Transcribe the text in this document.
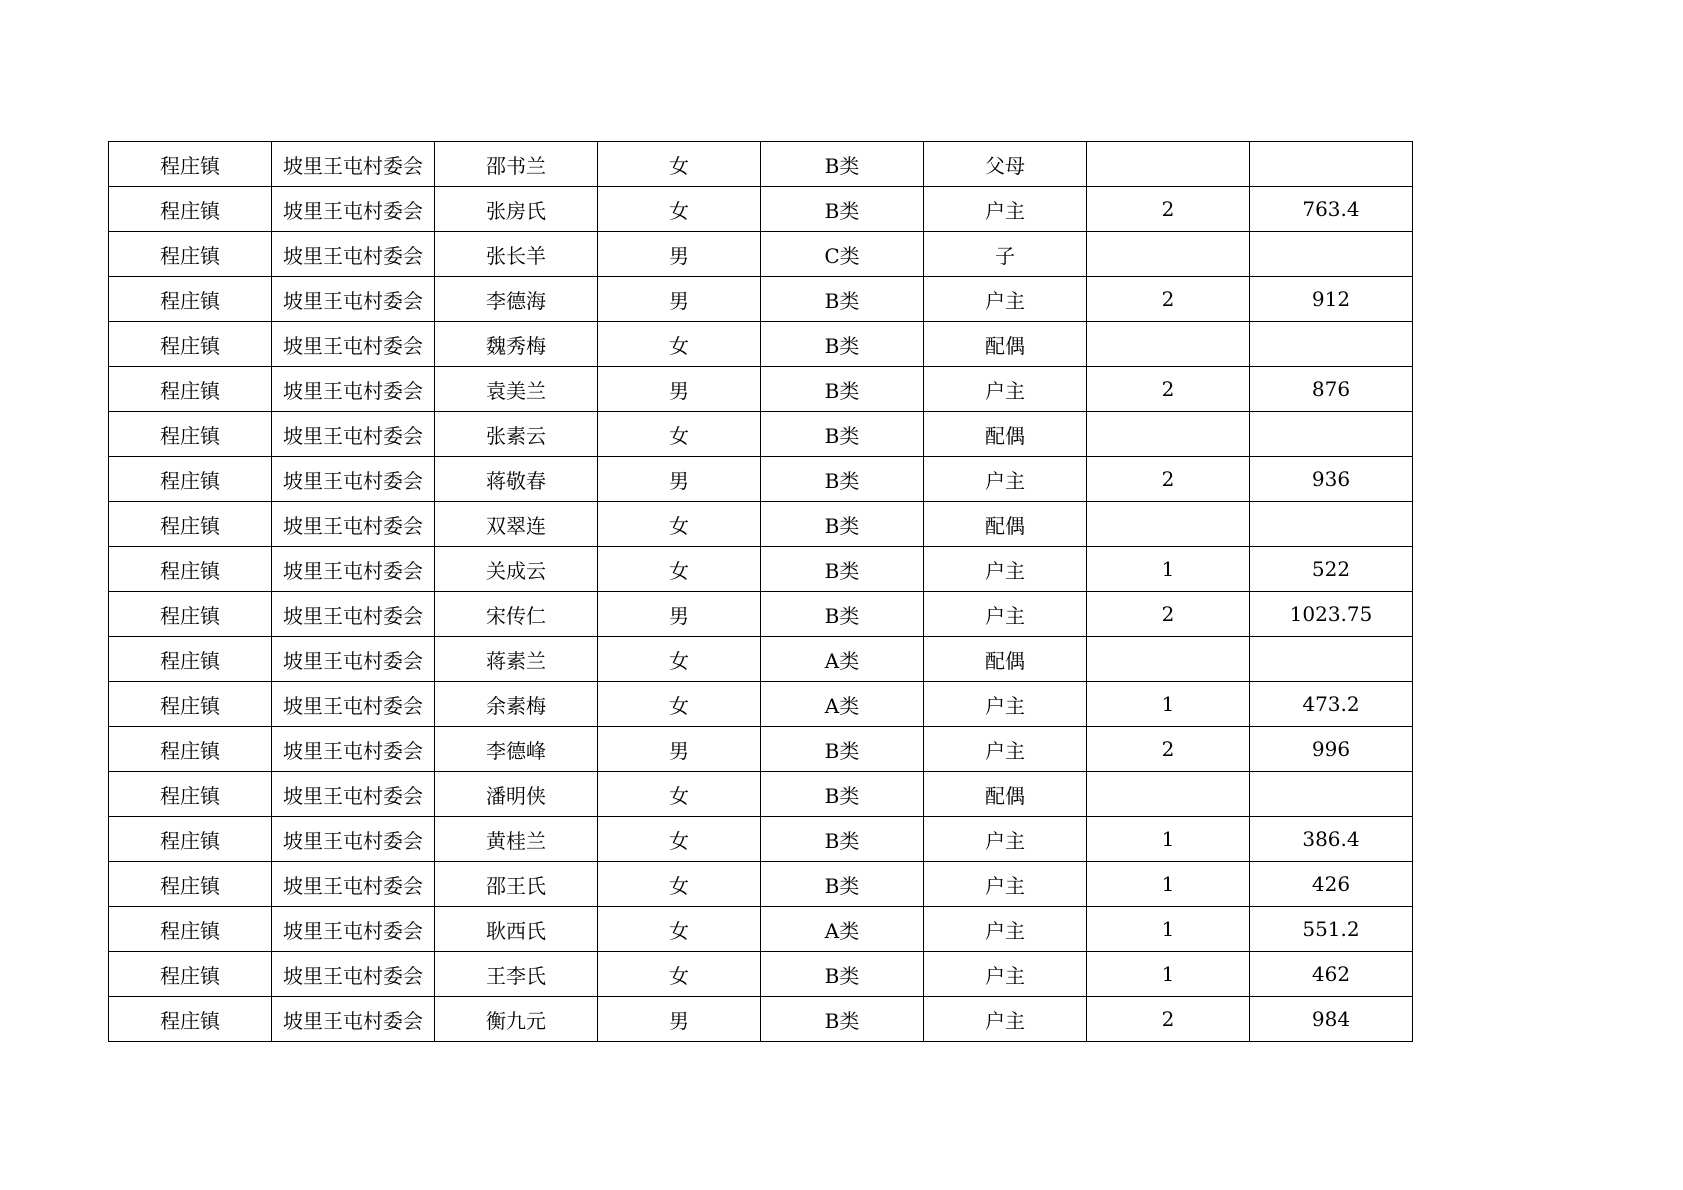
程庄镇	坡里王屯村委会	邵书兰	女	B类	父母		
程庄镇	坡里王屯村委会	张房氏	女	B类	户主	2	763.4
程庄镇	坡里王屯村委会	张长羊	男	C类	子		
程庄镇	坡里王屯村委会	李德海	男	B类	户主	2	912
程庄镇	坡里王屯村委会	魏秀梅	女	B类	配偶		
程庄镇	坡里王屯村委会	袁美兰	男	B类	户主	2	876
程庄镇	坡里王屯村委会	张素云	女	B类	配偶		
程庄镇	坡里王屯村委会	蒋敬春	男	B类	户主	2	936
程庄镇	坡里王屯村委会	双翠连	女	B类	配偶		
程庄镇	坡里王屯村委会	关成云	女	B类	户主	1	522
程庄镇	坡里王屯村委会	宋传仁	男	B类	户主	2	1023.75
程庄镇	坡里王屯村委会	蒋素兰	女	A类	配偶		
程庄镇	坡里王屯村委会	余素梅	女	A类	户主	1	473.2
程庄镇	坡里王屯村委会	李德峰	男	B类	户主	2	996
程庄镇	坡里王屯村委会	潘明侠	女	B类	配偶		
程庄镇	坡里王屯村委会	黄桂兰	女	B类	户主	1	386.4
程庄镇	坡里王屯村委会	邵王氏	女	B类	户主	1	426
程庄镇	坡里王屯村委会	耿西氏	女	A类	户主	1	551.2
程庄镇	坡里王屯村委会	王李氏	女	B类	户主	1	462
程庄镇	坡里王屯村委会	衡九元	男	B类	户主	2	984
